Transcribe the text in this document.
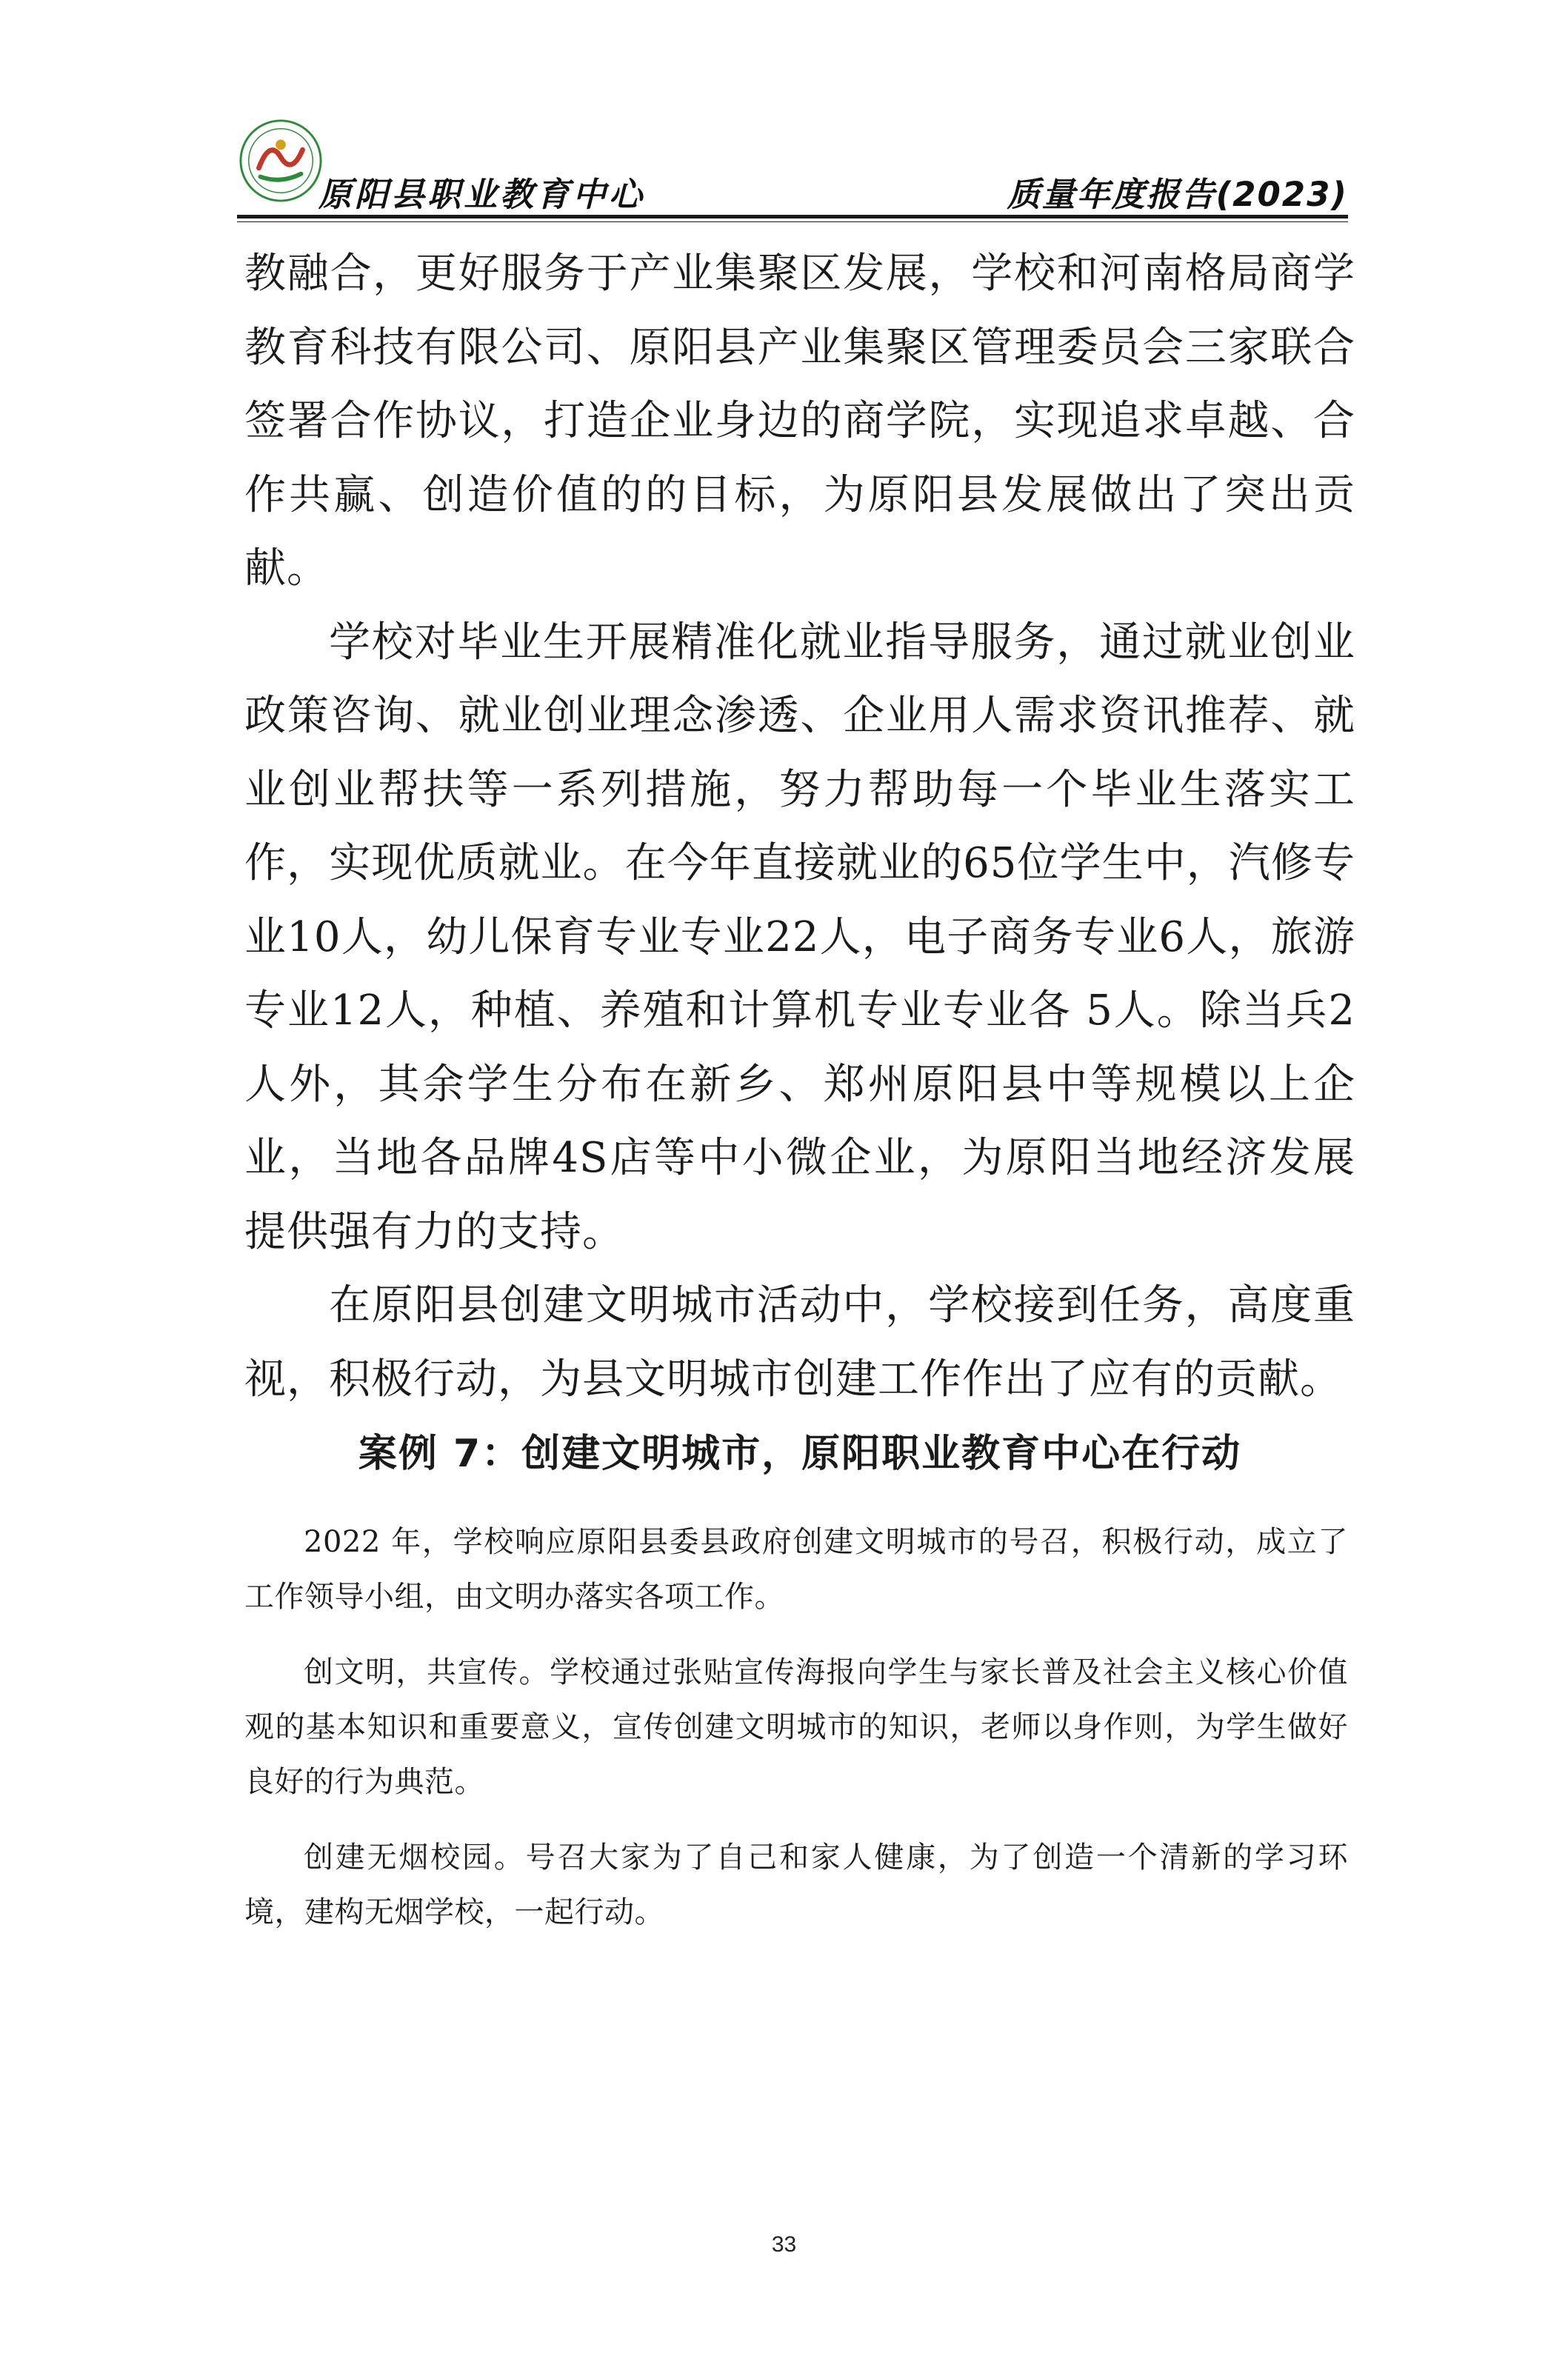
原阳县职业教育中心	质量年度报告(2023)

教融合，更好服务于产业集聚区发展，学校和河南格局商学教育科技有限公司、原阳县产业集聚区管理委员会三家联合签署合作协议，打造企业身边的商学院，实现追求卓越、合作共赢、创造价值的的目标，为原阳县发展做出了突出贡献。

学校对毕业生开展精准化就业指导服务，通过就业创业政策咨询、就业创业理念渗透、企业用人需求资讯推荐、就业创业帮扶等一系列措施，努力帮助每一个毕业生落实工作，实现优质就业。在今年直接就业的65位学生中，汽修专业10人，幼儿保育专业专业22人，电子商务专业6人，旅游专业12人，种植、养殖和计算机专业专业各 5人。除当兵2人外，其余学生分布在新乡、郑州原阳县中等规模以上企业，当地各品牌4S店等中小微企业，为原阳当地经济发展提供强有力的支持。

在原阳县创建文明城市活动中，学校接到任务，高度重视，积极行动，为县文明城市创建工作作出了应有的贡献。

案例 7：创建文明城市，原阳职业教育中心在行动

2022 年，学校响应原阳县委县政府创建文明城市的号召，积极行动，成立了工作领导小组，由文明办落实各项工作。

创文明，共宣传。学校通过张贴宣传海报向学生与家长普及社会主义核心价值观的基本知识和重要意义，宣传创建文明城市的知识，老师以身作则，为学生做好良好的行为典范。

创建无烟校园。号召大家为了自己和家人健康，为了创造一个清新的学习环境，建构无烟学校，一起行动。

33
